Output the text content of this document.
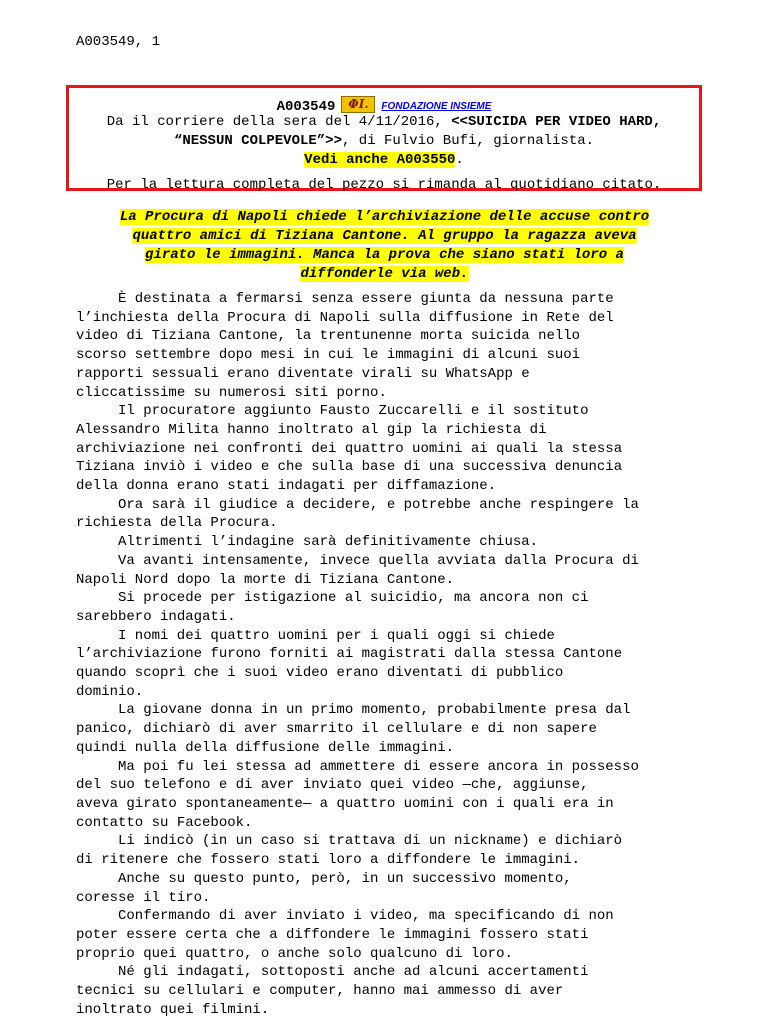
A003549, 1
A003549	ΦI.	FONDAZIONE INSIEME
Da il corriere della sera del 4/11/2016, <<SUICIDA PER VIDEO HARD,
“NESSUN COLPEVOLE”>>, di Fulvio Bufi, giornalista.
Vedi anche A003550.
Per la lettura completa del pezzo si rimanda al quotidiano citato.
La Procura di Napoli chiede l’archiviazione delle accuse contro
quattro amici di Tiziana Cantone. Al gruppo la ragazza aveva
girato le immagini. Manca la prova che siano stati loro a
diffonderle via web.

È destinata a fermarsi senza essere giunta da nessuna parte
l’inchiesta della Procura di Napoli sulla diffusione in Rete del
video di Tiziana Cantone, la trentunenne morta suicida nello
scorso settembre dopo mesi in cui le immagini di alcuni suoi
rapporti sessuali erano diventate virali su WhatsApp e
cliccatissime su numerosi siti porno.

Il procuratore aggiunto Fausto Zuccarelli e il sostituto
Alessandro Milita hanno inoltrato al gip la richiesta di
archiviazione nei confronti dei quattro uomini ai quali la stessa
Tiziana inviò i video e che sulla base di una successiva denuncia
della donna erano stati indagati per diffamazione.

Ora sarà il giudice a decidere, e potrebbe anche respingere la
richiesta della Procura.

Altrimenti l’indagine sarà definitivamente chiusa.

Va avanti intensamente, invece quella avviata dalla Procura di
Napoli Nord dopo la morte di Tiziana Cantone.

Si procede per istigazione al suicidio, ma ancora non ci
sarebbero indagati.

I nomi dei quattro uomini per i quali oggi si chiede
l’archiviazione furono forniti ai magistrati dalla stessa Cantone
quando scoprì che i suoi video erano diventati di pubblico
dominio.

La giovane donna in un primo momento, probabilmente presa dal
panico, dichiarò di aver smarrito il cellulare e di non sapere
quindi nulla della diffusione delle immagini.

Ma poi fu lei stessa ad ammettere di essere ancora in possesso
del suo telefono e di aver inviato quei video —che, aggiunse,
aveva girato spontaneamente— a quattro uomini con i quali era in
contatto su Facebook.

Li indicò (in un caso si trattava di un nickname) e dichiarò
di ritenere che fossero stati loro a diffondere le immagini.

Anche su questo punto, però, in un successivo momento,
coresse il tiro.

Confermando di aver inviato i video, ma specificando di non
poter essere certa che a diffondere le immagini fossero stati
proprio quei quattro, o anche solo qualcuno di loro.

Né gli indagati, sottoposti anche ad alcuni accertamenti
tecnici su cellulari e computer, hanno mai ammesso di aver
inoltrato quei filmini.
